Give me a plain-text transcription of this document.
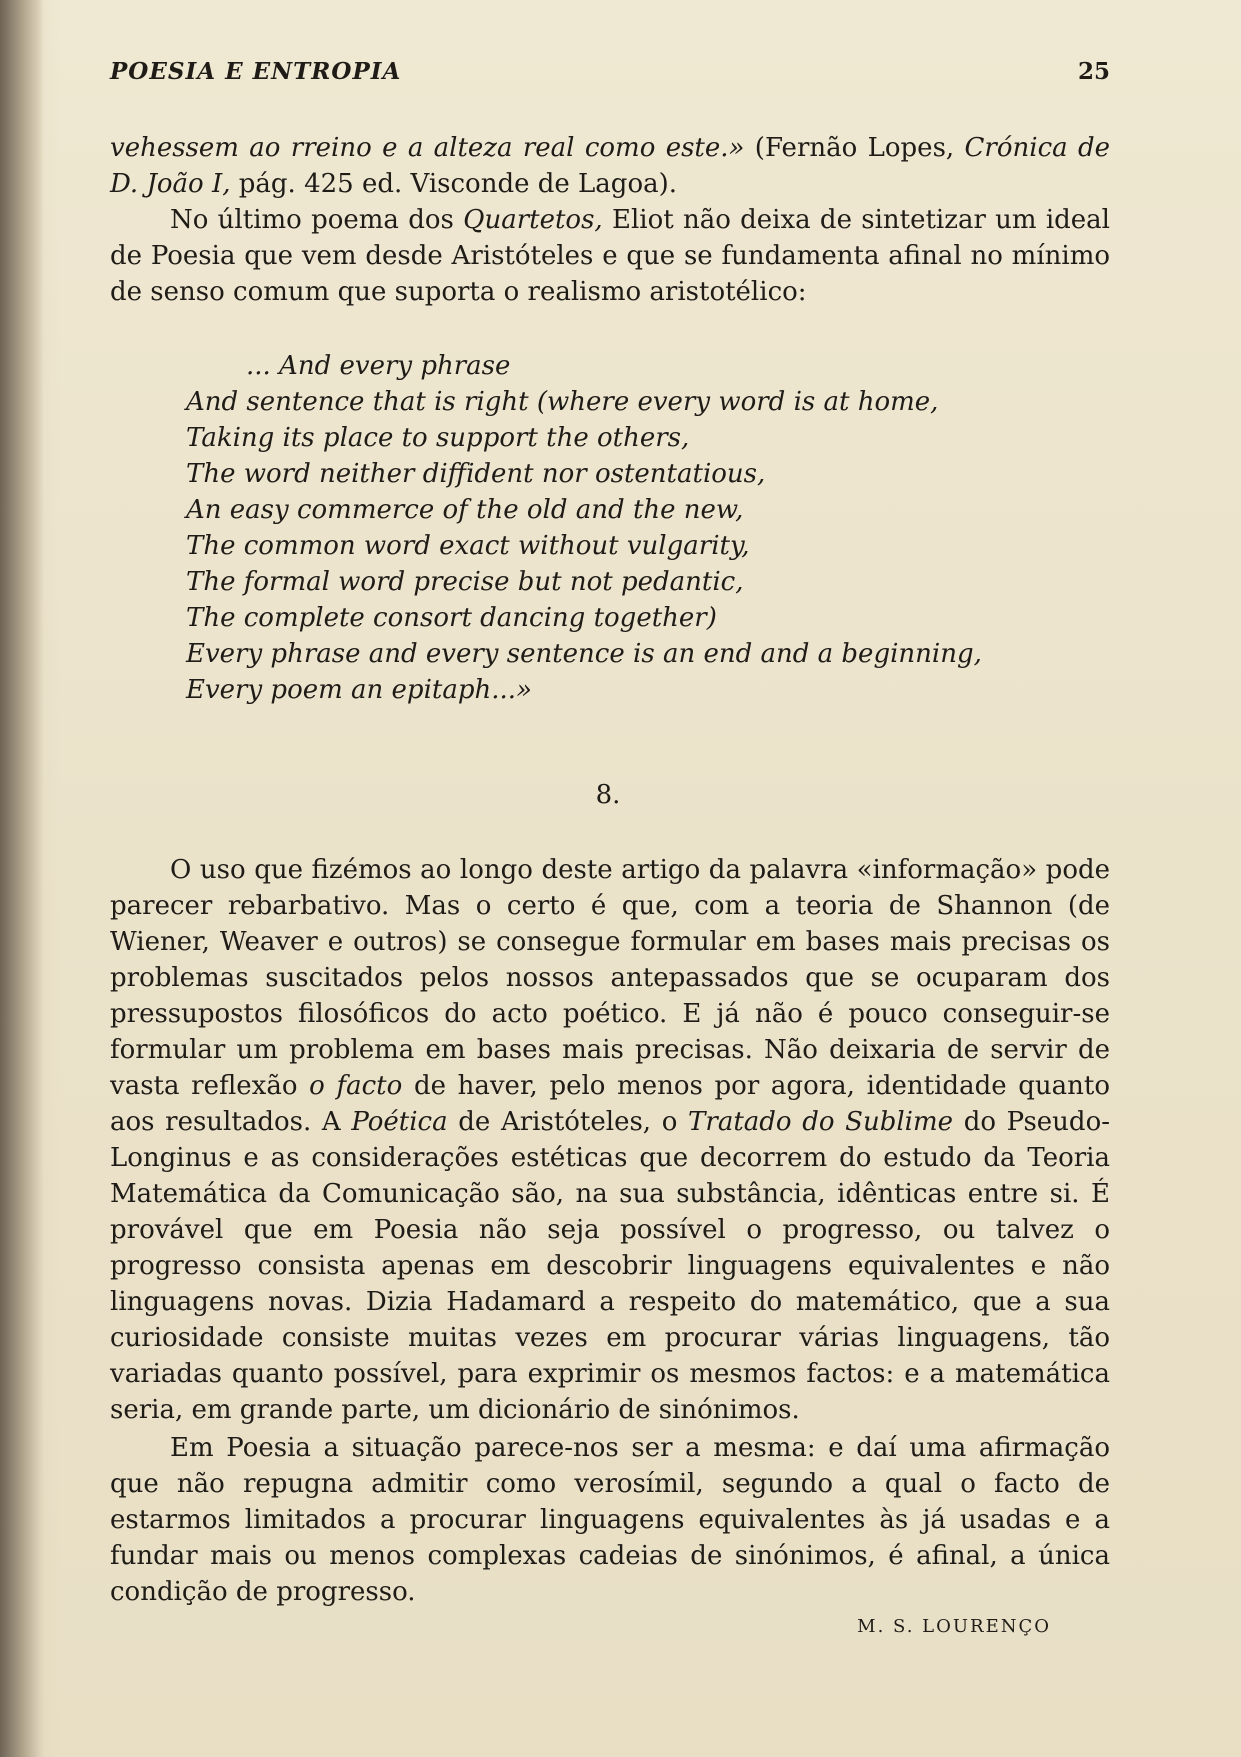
POESIA E ENTROPIA	25

vehessem ao rreino e a alteza real como este.» (Fernão Lopes, Crónica de D. João I, pág. 425 ed. Visconde de Lagoa).

No último poema dos Quartetos, Eliot não deixa de sintetizar um ideal de Poesia que vem desde Aristóteles e que se fundamenta afinal no mínimo de senso comum que suporta o realismo aristotélico:

... And every phrase
And sentence that is right (where every word is at home,
Taking its place to support the others,
The word neither diffident nor ostentatious,
An easy commerce of the old and the new,
The common word exact without vulgarity,
The formal word precise but not pedantic,
The complete consort dancing together)
Every phrase and every sentence is an end and a beginning,
Every poem an epitaph...»
8.

O uso que fizémos ao longo deste artigo da palavra «informação» pode parecer rebarbativo. Mas o certo é que, com a teoria de Shannon (de Wiener, Weaver e outros) se consegue formular em bases mais precisas os problemas suscitados pelos nossos antepassados que se ocuparam dos pressupostos filosóficos do acto poético. E já não é pouco conseguir-se formular um problema em bases mais precisas. Não deixaria de servir de vasta reflexão o facto de haver, pelo menos por agora, identidade quanto aos resultados. A Poética de Aristóteles, o Tratado do Sublime do Pseudo-Longinus e as considerações estéticas que decorrem do estudo da Teoria Matemática da Comunicação são, na sua substância, idênticas entre si. É provável que em Poesia não seja possível o progresso, ou talvez o progresso consista apenas em descobrir linguagens equivalentes e não linguagens novas. Dizia Hadamard a respeito do matemático, que a sua curiosidade consiste muitas vezes em procurar várias linguagens, tão variadas quanto possível, para exprimir os mesmos factos: e a matemática seria, em grande parte, um dicionário de sinónimos.

Em Poesia a situação parece-nos ser a mesma: e daí uma afirmação que não repugna admitir como verosímil, segundo a qual o facto de estarmos limitados a procurar linguagens equivalentes às já usadas e a fundar mais ou menos complexas cadeias de sinónimos, é afinal, a única condição de progresso.

M. S. LOURENÇO
